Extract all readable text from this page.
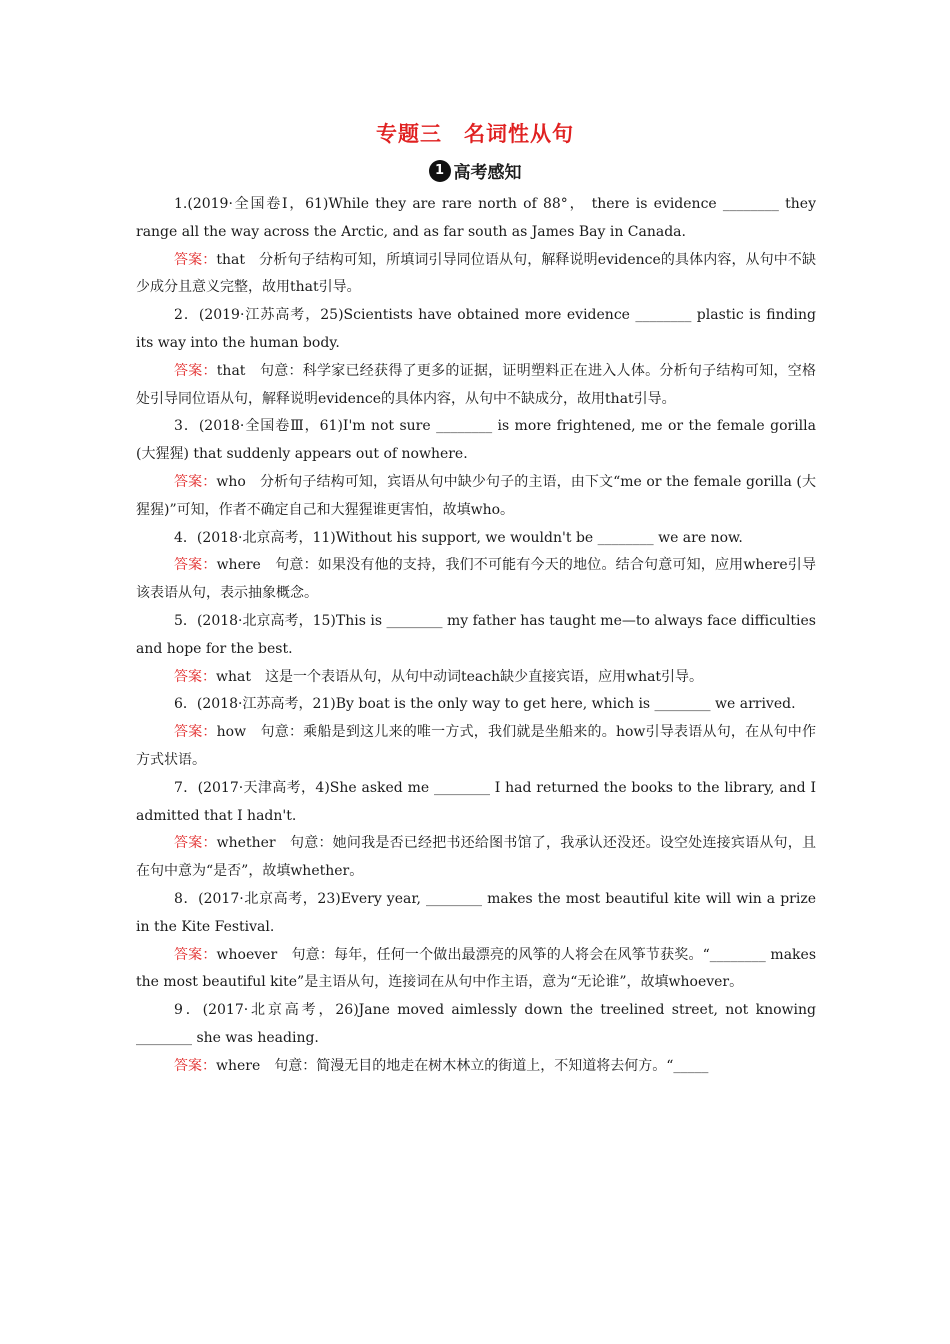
专题三　名词性从句
1 高考感知

1.(2019·全国卷Ⅰ，61)While they are rare north of 88°， there is evidence ________ they range all the way across the Arctic, and as far south as James Bay in Canada.

答案：that　分析句子结构可知，所填词引导同位语从句，解释说明evidence的具体内容，从句中不缺少成分且意义完整，故用that引导。

2．(2019·江苏高考，25)Scientists have obtained more evidence ________ plastic is finding its way into the human body.

答案：that　句意：科学家已经获得了更多的证据，证明塑料正在进入人体。分析句子结构可知，空格处引导同位语从句，解释说明evidence的具体内容，从句中不缺成分，故用that引导。

3．(2018·全国卷Ⅲ，61)I'm not sure ________ is more frightened, me or the female gorilla (大猩猩) that suddenly appears out of nowhere.

答案：who　分析句子结构可知，宾语从句中缺少句子的主语，由下文“me or the female gorilla (大猩猩)”可知，作者不确定自己和大猩猩谁更害怕，故填who。

4．(2018·北京高考，11)Without his support, we wouldn't be ________ we are now.

答案：where　句意：如果没有他的支持，我们不可能有今天的地位。结合句意可知，应用where引导该表语从句，表示抽象概念。

5．(2018·北京高考，15)This is ________ my father has taught me—to always face difficulties and hope for the best.

答案：what　这是一个表语从句，从句中动词teach缺少直接宾语，应用what引导。

6．(2018·江苏高考，21)By boat is the only way to get here, which is ________ we arrived.

答案：how　句意：乘船是到这儿来的唯一方式，我们就是坐船来的。how引导表语从句，在从句中作方式状语。

7．(2017·天津高考，4)She asked me ________ I had returned the books to the library, and I admitted that I hadn't.

答案：whether　句意：她问我是否已经把书还给图书馆了，我承认还没还。设空处连接宾语从句，且在句中意为“是否”，故填whether。

8．(2017·北京高考，23)Every year, ________ makes the most beautiful kite will win a prize in the Kite Festival.

答案：whoever　句意：每年，任何一个做出最漂亮的风筝的人将会在风筝节获奖。“________ makes the most beautiful kite”是主语从句，连接词在从句中作主语，意为“无论谁”，故填whoever。

9．(2017·北京高考，26)Jane moved aimlessly down the treelined street, not knowing ________ she was heading.

答案：where　句意：简漫无目的地走在树木林立的街道上，不知道将去何方。“_____
